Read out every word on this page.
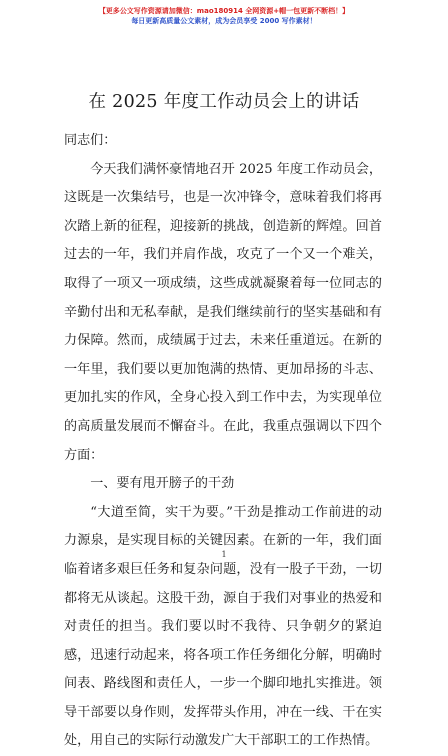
【更多公文写作资源请加微信：mao180914 全网资源+帽一包更新不断档！】
每日更新高质量公文素材，成为会员享受 2000 写作素材！
在 2025 年度工作动员会上的讲话

同志们：

今天我们满怀豪情地召开 2025 年度工作动员会，这既是一次集结号，也是一次冲锋令，意味着我们将再次踏上新的征程，迎接新的挑战，创造新的辉煌。回首过去的一年，我们并肩作战，攻克了一个又一个难关，取得了一项又一项成绩，这些成就凝聚着每一位同志的辛勤付出和无私奉献，是我们继续前行的坚实基础和有力保障。然而，成绩属于过去，未来任重道远。在新的一年里，我们要以更加饱满的热情、更加昂扬的斗志、更加扎实的作风，全身心投入到工作中去，为实现单位的高质量发展而不懈奋斗。在此，我重点强调以下四个方面：

一、要有甩开膀子的干劲

“大道至简，实干为要。”干劲是推动工作前进的动力源泉，是实现目标的关键因素。在新的一年，我们面临着诸多艰巨任务和复杂问题，没有一股子干劲，一切都将无从谈起。这股干劲，源自于我们对事业的热爱和对责任的担当。我们要以时不我待、只争朝夕的紧迫感，迅速行动起来，将各项工作任务细化分解，明确时间表、路线图和责任人，一步一个脚印地扎实推进。领导干部要以身作则，发挥带头作用，冲在一线、干在实处，用自己的实际行动激发广大干部职工的工作热情。

1
